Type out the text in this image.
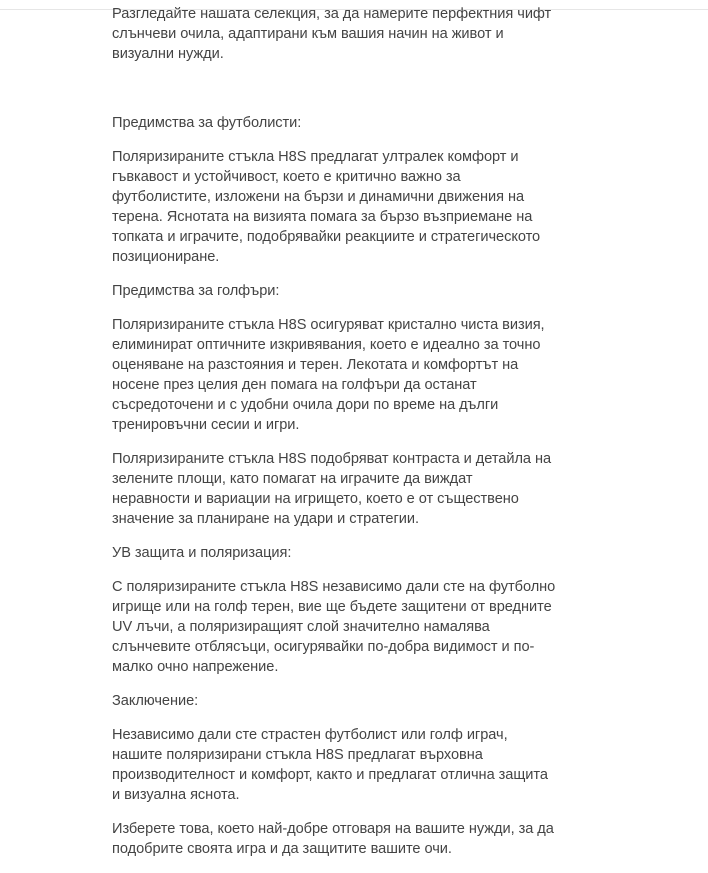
Разгледайте нашата селекция, за да намерите перфектния чифт
слънчеви очила, адаптирани към вашия начин на живот и
визуални нужди.

Предимства за футболисти:

Поляризираните стъкла H8S предлагат ултралек комфорт и
гъвкавост и устойчивост, което е критично важно за
футболистите, изложени на бързи и динамични движения на
терена. Яснотата на визията помага за бързо възприемане на
топката и играчите, подобрявайки реакциите и стратегическото
позициониране.

Предимства за голфъри:

Поляризираните стъкла H8S осигуряват кристално чиста визия,
елиминират оптичните изкривявания, което е идеално за точно
оценяване на разстояния и терен. Лекотата и комфортът на
носене през целия ден помага на голфъри да останат
съсредоточени и с удобни очила дори по време на дълги
тренировъчни сесии и игри.

Поляризираните стъкла H8S подобряват контраста и детайла на
зелените площи, като помагат на играчите да виждат
неравности и вариации на игрището, което е от съществено
значение за планиране на удари и стратегии.

УВ защита и поляризация:

С поляризираните стъкла H8S независимо дали сте на футболно
игрище или на голф терен, вие ще бъдете защитени от вредните
UV лъчи, а поляризиращият слой значително намалява
слънчевите отблясъци, осигурявайки по-добра видимост и по-
малко очно напрежение.

Заключение:

Независимо дали сте страстен футболист или голф играч,
нашите поляризирани стъкла H8S предлагат върховна
производителност и комфорт, както и предлагат отлична защита
и визуална яснота.

Изберете това, което най-добре отговаря на вашите нужди, за да
подобрите своята игра и да защитите вашите очи.
